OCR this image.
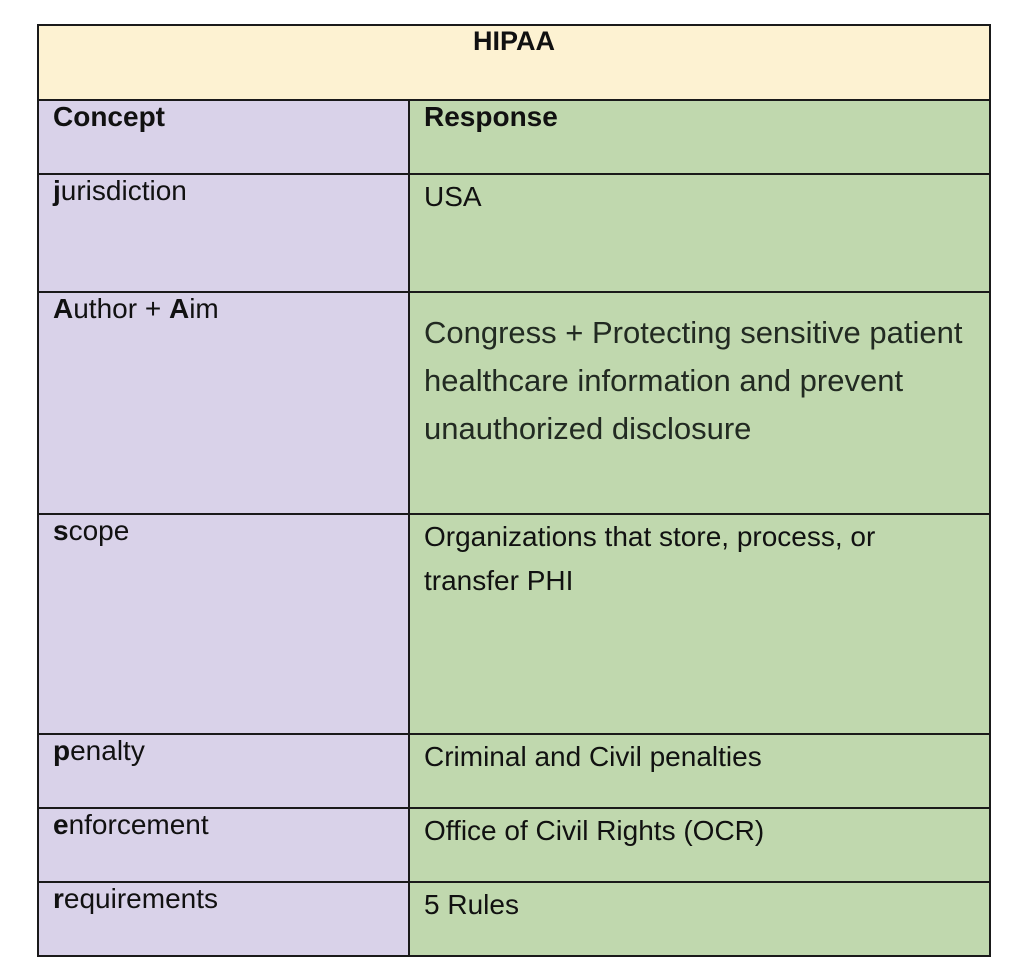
HIPAA	
Concept	Response
jurisdiction	USA
Author + Aim	Congress + Protecting sensitive patient healthcare information and prevent unauthorized disclosure
scope	Organizations that store, process, or transfer PHI
penalty	Criminal and Civil penalties
enforcement	Office of Civil Rights (OCR)
requirements	5 Rules
